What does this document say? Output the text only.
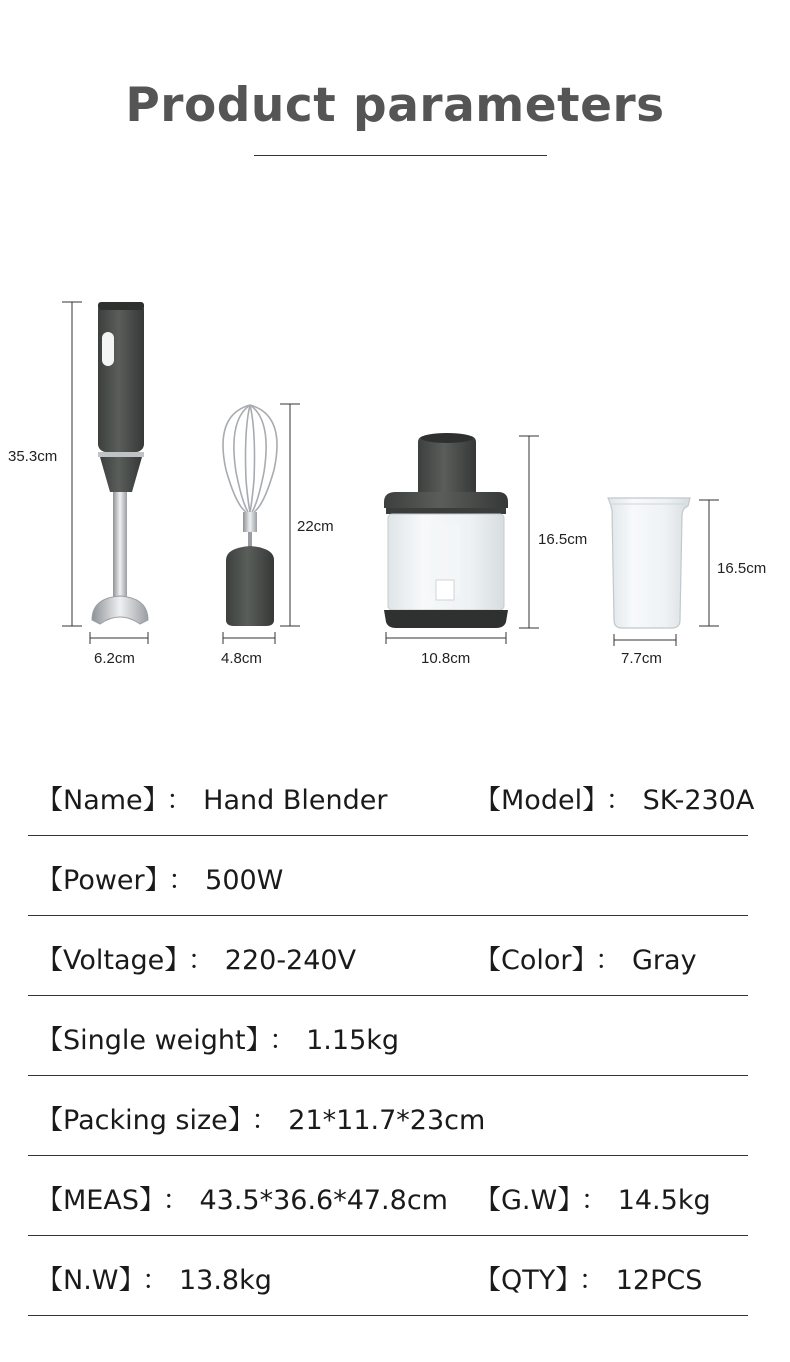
Product parameters
35.3cm
6.2cm
22cm
4.8cm
16.5cm
10.8cm
16.5cm
7.7cm
【Name】 ： Hand Blender	【Model】 ： SK-230A
【Power】 ： 500W
【Voltage】 ： 220-240V	【Color】 ： Gray
【Single weight】 ： 1.15kg
【Packing size】 ： 21*11.7*23cm
【MEAS】 ： 43.5*36.6*47.8cm 【G.W】 ： 14.5kg
【N.W】 ： 13.8kg	【QTY】 ： 12PCS
